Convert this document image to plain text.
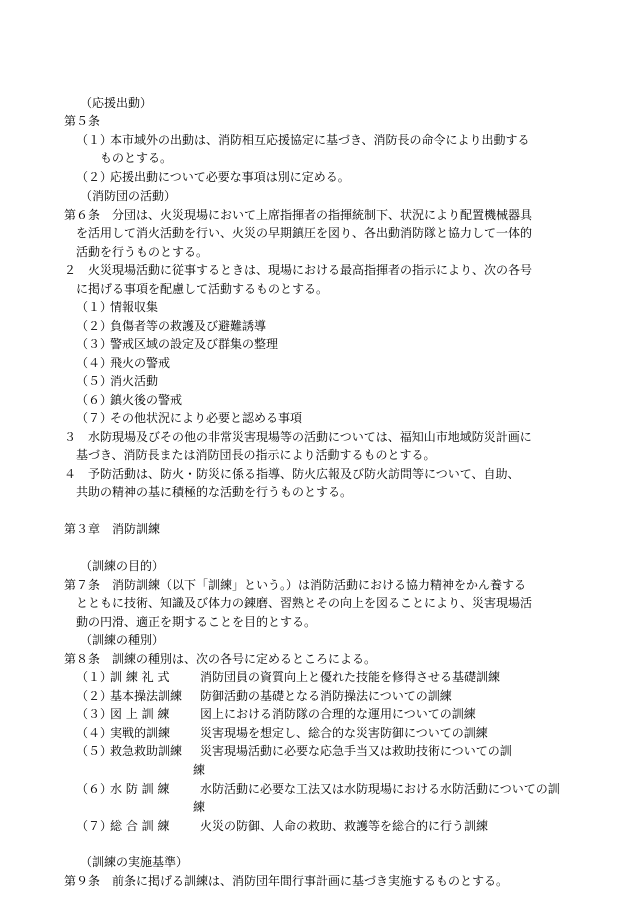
（応援出動）
第５条
（１）本市域外の出動は、消防相互応援協定に基づき、消防長の命令により出動する
ものとする。
（２）応援出動について必要な事項は別に定める。
（消防団の活動）
第６条　分団は、火災現場において上席指揮者の指揮統制下、状況により配置機械器具
を活用して消火活動を行い、火災の早期鎮圧を図り、各出動消防隊と協力して一体的
活動を行うものとする。
２　火災現場活動に従事するときは、現場における最高指揮者の指示により、次の各号
に掲げる事項を配慮して活動するものとする。
（１）情報収集
（２）負傷者等の救護及び避難誘導
（３）警戒区域の設定及び群集の整理
（４）飛火の警戒
（５）消火活動
（６）鎮火後の警戒
（７）その他状況により必要と認める事項
３　水防現場及びその他の非常災害現場等の活動については、福知山市地域防災計画に
基づき、消防長または消防団長の指示により活動するものとする。
４　予防活動は、防火・防災に係る指導、防火広報及び防火訪問等について、自助、
共助の精神の基に積極的な活動を行うものとする。
第３章　消防訓練
（訓練の目的）
第７条　消防訓練（以下「訓練」という。）は消防活動における協力精神をかん養する
とともに技術、知識及び体力の錬磨、習熟とその向上を図ることにより、災害現場活
動の円滑、適正を期することを目的とする。
（訓練の種別）
第８条　訓練の種別は、次の各号に定めるところによる。
（１）訓 練 礼 式	消防団員の資質向上と優れた技能を修得させる基礎訓練
（２）基本操法訓練 防御活動の基礎となる消防操法についての訓練
（３）図 上 訓 練	図上における消防隊の合理的な運用についての訓練
（４）実戦的訓練 災害現場を想定し、総合的な災害防御についての訓練
（５）救急救助訓練 災害現場活動に必要な応急手当又は救助技術についての訓
練
（６）水 防 訓 練	水防活動に必要な工法又は水防現場における水防活動についての訓
練
（７）総 合 訓 練	火災の防御、人命の救助、救護等を総合的に行う訓練
（訓練の実施基準）
第９条　前条に掲げる訓練は、消防団年間行事計画に基づき実施するものとする。
